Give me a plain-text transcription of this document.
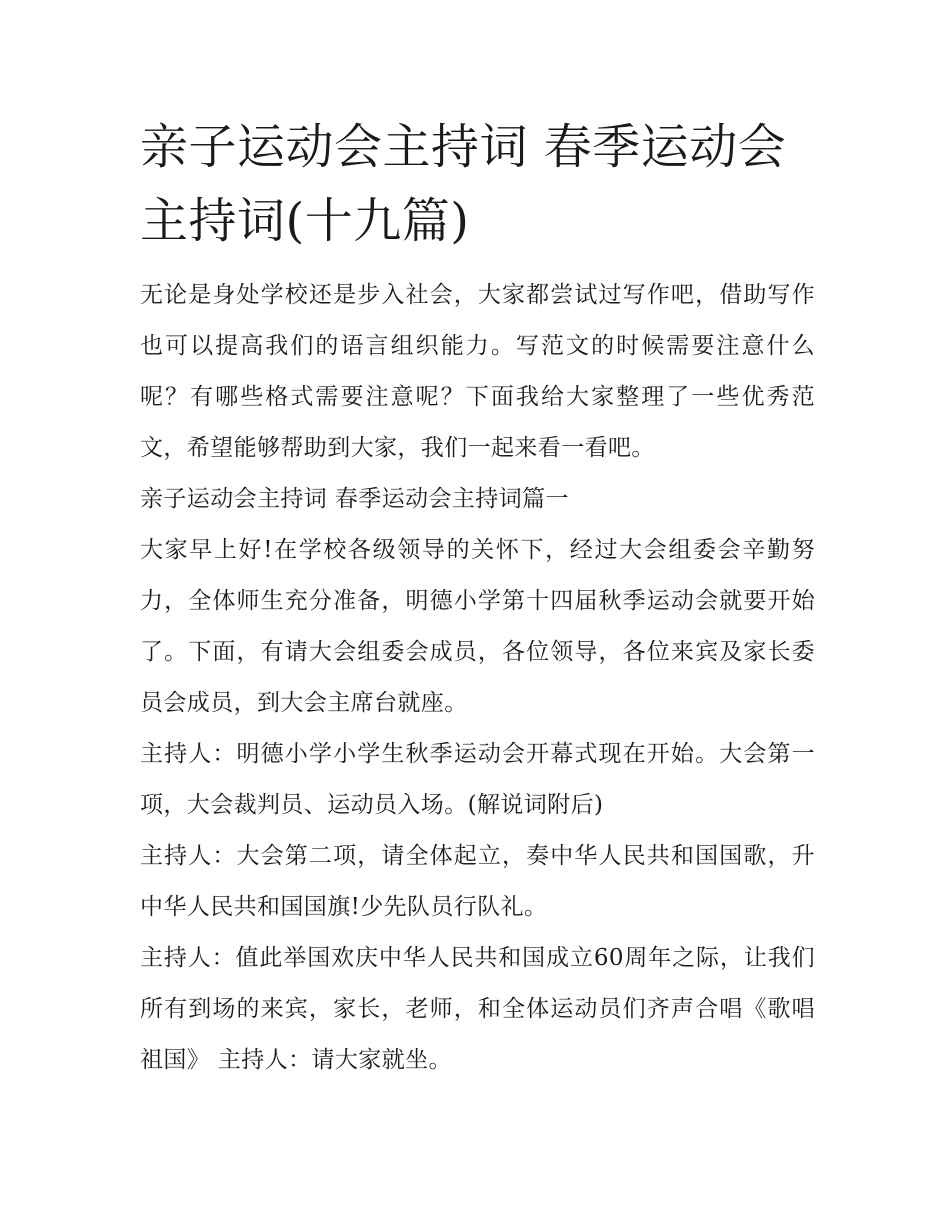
亲子运动会主持词 春季运动会主持词(十九篇)

无论是身处学校还是步入社会，大家都尝试过写作吧，借助写作也可以提高我们的语言组织能力。写范文的时候需要注意什么呢？有哪些格式需要注意呢？下面我给大家整理了一些优秀范文，希望能够帮助到大家，我们一起来看一看吧。

亲子运动会主持词 春季运动会主持词篇一

大家早上好!在学校各级领导的关怀下，经过大会组委会辛勤努力，全体师生充分准备，明德小学第十四届秋季运动会就要开始了。下面，有请大会组委会成员，各位领导，各位来宾及家长委员会成员，到大会主席台就座。

主持人：明德小学小学生秋季运动会开幕式现在开始。大会第一项，大会裁判员、运动员入场。(解说词附后)

主持人：大会第二项，请全体起立，奏中华人民共和国国歌，升中华人民共和国国旗!少先队员行队礼。

主持人：值此举国欢庆中华人民共和国成立60周年之际，让我们所有到场的来宾，家长，老师，和全体运动员们齐声合唱《歌唱祖国》 主持人：请大家就坐。
